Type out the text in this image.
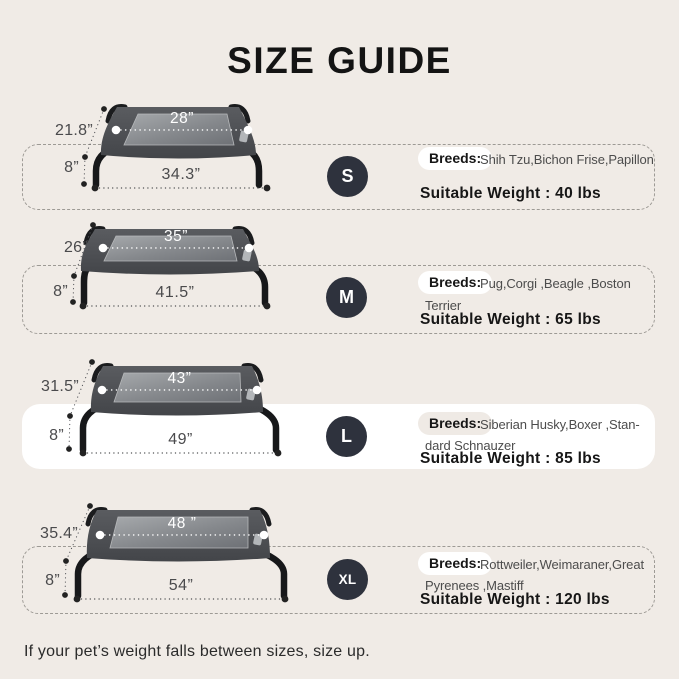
SIZE GUIDE
28”
34.3”
21.8”
8”
35”
41.5”
26”
8”
43”
49”
31.5”
8”
48 ”
54”
35.4”
8”
S
M
L
XL
Breeds:
Breeds:
Breeds:
Breeds:
Shih Tzu,Bichon Frise,Papillon
Pug,Corgi ,Beagle ,Boston
Terrier
Siberian Husky,Boxer ,Stan-
dard Schnauzer
Rottweiler,Weimaraner,Great
Pyrenees ,Mastiff
Suitable Weight : 40 lbs
Suitable Weight : 65 lbs
Suitable Weight : 85 lbs
Suitable Weight : 120 lbs
If your pet’s weight falls between sizes, size up.
